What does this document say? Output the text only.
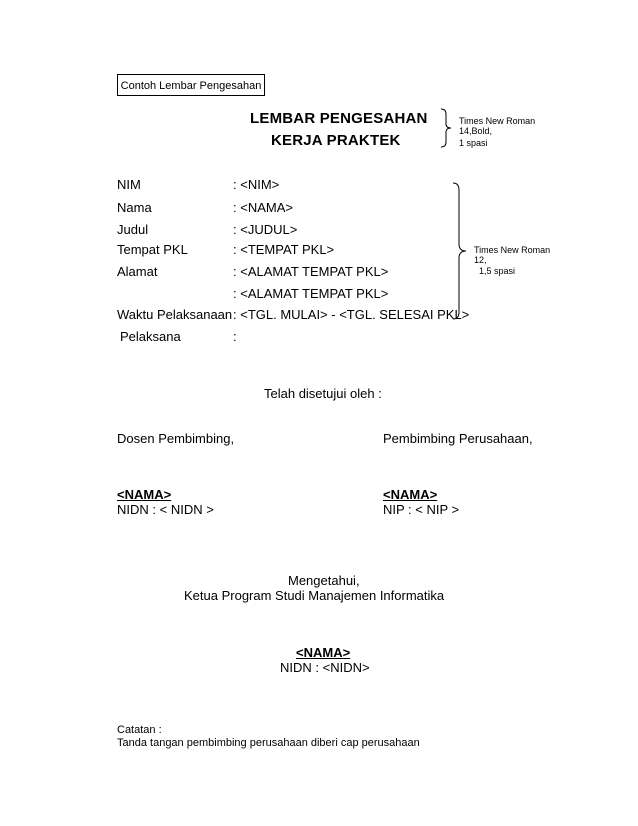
Contoh Lembar Pengesahan
LEMBAR PENGESAHAN
KERJA PRAKTEK
Times New Roman
14,Bold,
1 spasi
NIM	: <NIM>
Nama	: <NAMA>
Judul	: <JUDUL>
Tempat PKL	: <TEMPAT PKL>
Alamat	: <ALAMAT TEMPAT PKL>
: <ALAMAT TEMPAT PKL>
Waktu Pelaksanaan : <TGL. MULAI> - <TGL. SELESAI PKL>
Pelaksana	:
Times New Roman
12,
1,5 spasi
Telah disetujui oleh :
Dosen Pembimbing,	Pembimbing Perusahaan,
<NAMA>
NIDN : < NIDN >
<NAMA>
NIP : < NIP >
Mengetahui,
Ketua Program Studi Manajemen Informatika
<NAMA>
NIDN : <NIDN>
Catatan :
Tanda tangan pembimbing perusahaan diberi cap perusahaan
